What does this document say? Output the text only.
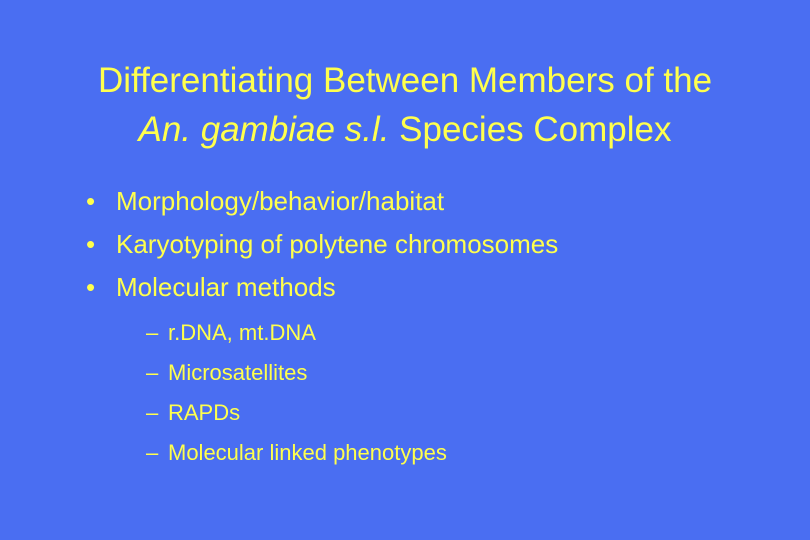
Differentiating Between Members of the
An. gambiae s.l. Species Complex
• Morphology/behavior/habitat
• Karyotyping of polytene chromosomes
• Molecular methods
– r.DNA, mt.DNA
– Microsatellites
– RAPDs
– Molecular linked phenotypes
